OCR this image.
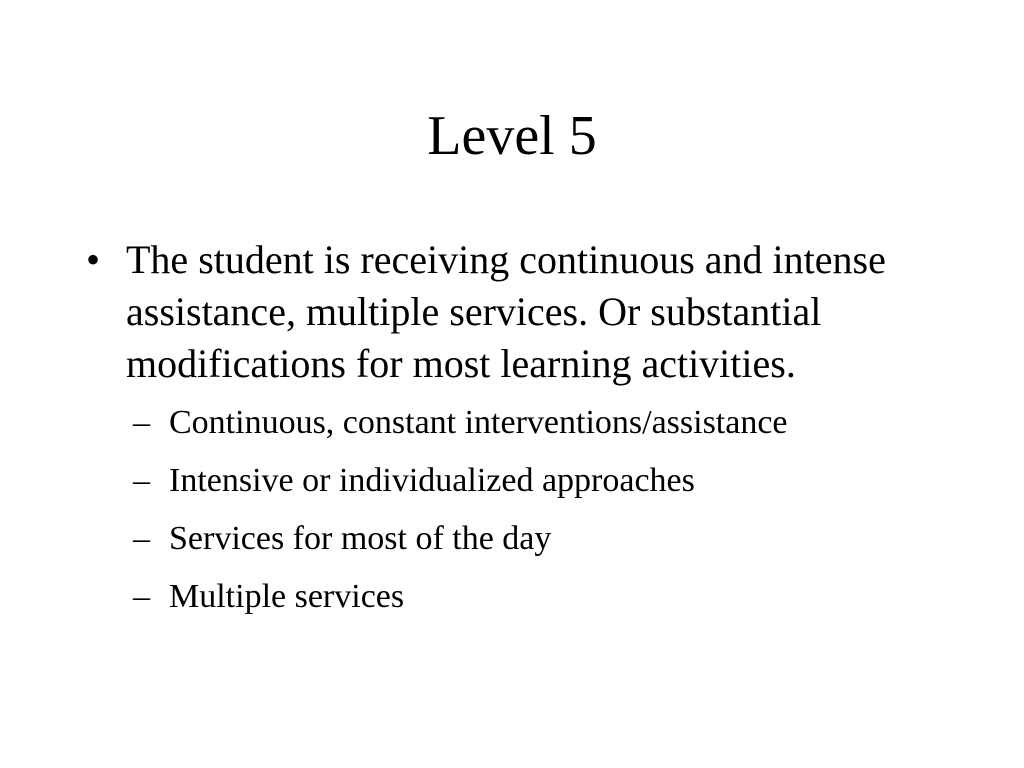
Level 5

• The student is receiving continuous and intense assistance, multiple services. Or substantial modifications for most learning activities.

– Continuous, constant interventions/assistance
– Intensive or individualized approaches
– Services for most of the day
– Multiple services
